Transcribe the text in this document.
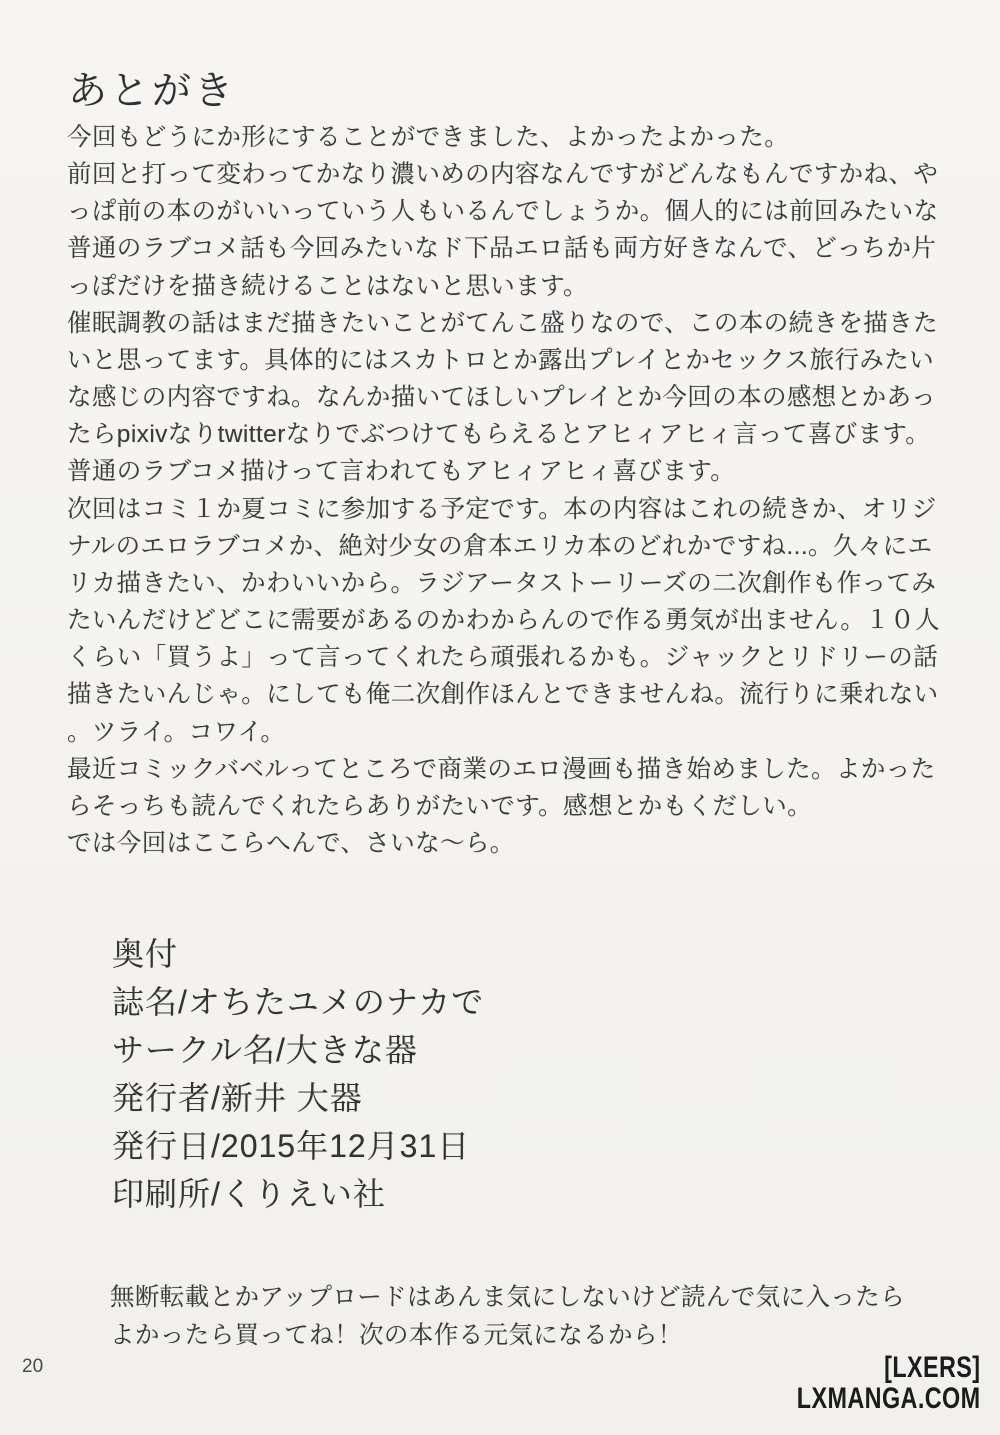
あとがき
今回もどうにか形にすることができました、よかったよかった。
前回と打って変わってかなり濃いめの内容なんですがどんなもんですかね、や
っぱ前の本のがいいっていう人もいるんでしょうか。個人的には前回みたいな
普通のラブコメ話も今回みたいなド下品エロ話も両方好きなんで、どっちか片
っぽだけを描き続けることはないと思います。
催眠調教の話はまだ描きたいことがてんこ盛りなので、この本の続きを描きた
いと思ってます。具体的にはスカトロとか露出プレイとかセックス旅行みたい
な感じの内容ですね。なんか描いてほしいプレイとか今回の本の感想とかあっ
たらpixivなりtwitterなりでぶつけてもらえるとアヒィアヒィ言って喜びます。
普通のラブコメ描けって言われてもアヒィアヒィ喜びます。
次回はコミ１か夏コミに参加する予定です。本の内容はこれの続きか、オリジ
ナルのエロラブコメか、絶対少女の倉本エリカ本のどれかですね...。久々にエ
リカ描きたい、かわいいから。ラジアータストーリーズの二次創作も作ってみ
たいんだけどどこに需要があるのかわからんので作る勇気が出ません。１０人
くらい「買うよ」って言ってくれたら頑張れるかも。ジャックとリドリーの話
描きたいんじゃ。にしても俺二次創作ほんとできませんね。流行りに乗れない
。ツライ。コワイ。
最近コミックバベルってところで商業のエロ漫画も描き始めました。よかった
らそっちも読んでくれたらありがたいです。感想とかもくだしい。
では今回はここらへんで、さいな〜ら。
奥付
誌名/オちたユメのナカで
サークル名/大きな器
発行者/新井 大器
発行日/2015年12月31日
印刷所/くりえい社
無断転載とかアップロードはあんま気にしないけど読んで気に入ったら
よかったら買ってね！次の本作る元気になるから！
20	[LXERS]
LXMANGA.COM
